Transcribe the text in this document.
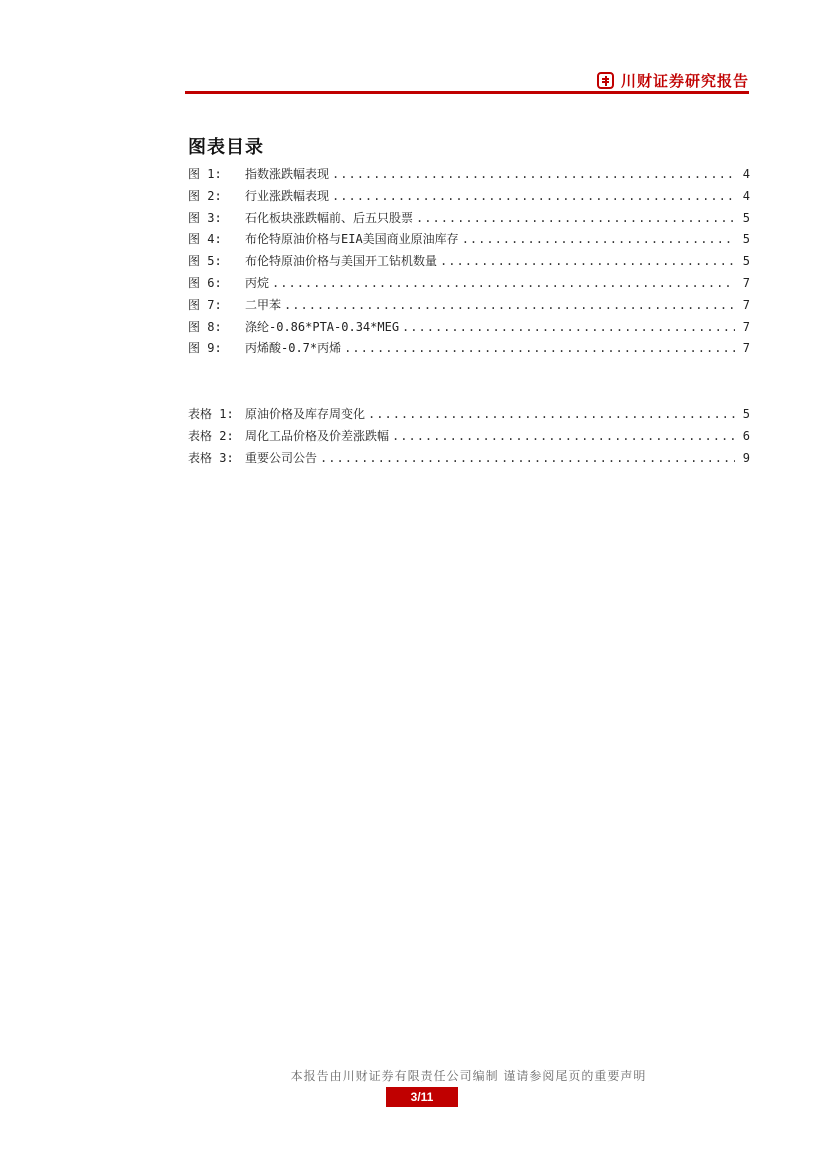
川财证券研究报告
图表目录
图 1:	指数涨跌幅表现 .....	4
图 2:	行业涨跌幅表现 .....	4
图 3:	石化板块涨跌幅前、后五只股票 .....	5
图 4:	布伦特原油价格与EIA美国商业原油库存 .....	5
图 5:	布伦特原油价格与美国开工钻机数量 .....	5
图 6:	丙烷 .....	7
图 7:	二甲苯 .....	7
图 8:	涤纶-0.86*PTA-0.34*MEG .....	7
图 9:	丙烯酸-0.7*丙烯 .....	7
表格 1: 原油价格及库存周变化 .....	5
表格 2: 周化工品价格及价差涨跌幅 .....	6
表格 3: 重要公司公告 .....	9
本报告由川财证券有限责任公司编制 谨请参阅尾页的重要声明
3/11
